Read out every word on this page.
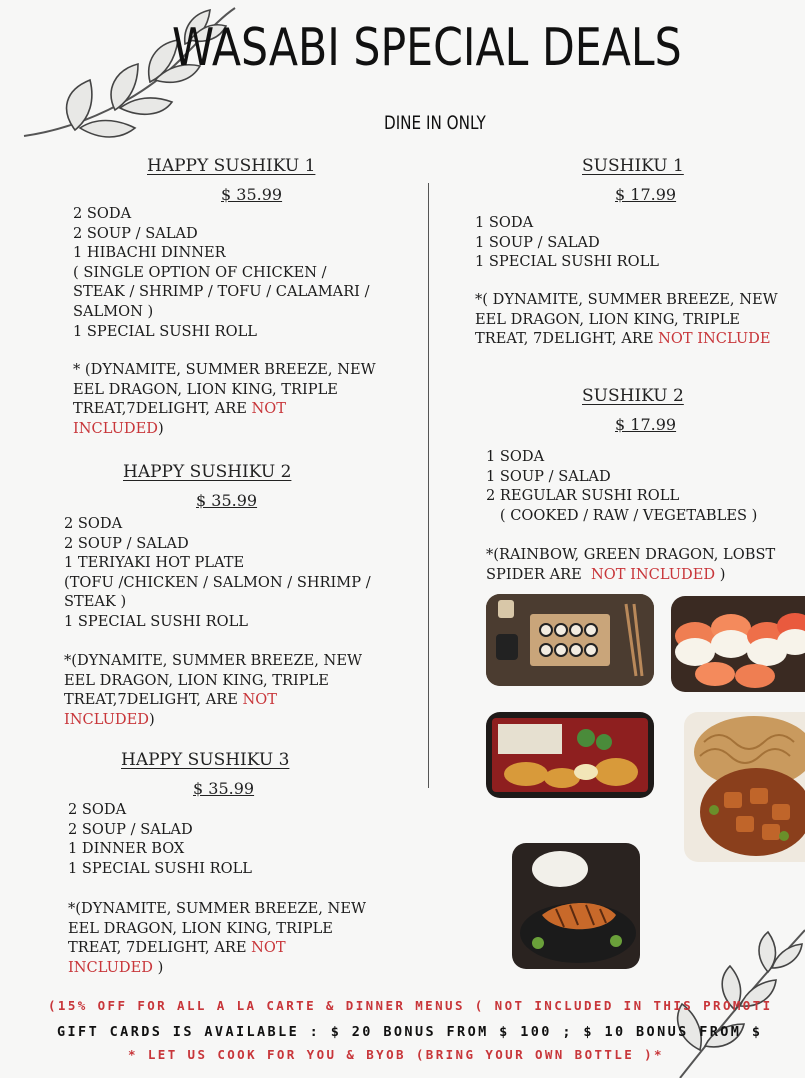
WASABI SPECIAL DEALS
DINE IN ONLY
HAPPY SUSHIKU 1
$ 35.99
2 SODA
2 SOUP / SALAD
1 HIBACHI DINNER
( SINGLE OPTION OF CHICKEN /
STEAK / SHRIMP / TOFU / CALAMARI /
SALMON )
1 SPECIAL SUSHI ROLL
* (DYNAMITE, SUMMER BREEZE, NEW
EEL DRAGON, LION KING, TRIPLE
TREAT,7DELIGHT, ARE NOT
INCLUDED)
HAPPY SUSHIKU 2
$ 35.99
2 SODA
2 SOUP / SALAD
1 TERIYAKI HOT PLATE
(TOFU /CHICKEN / SALMON / SHRIMP /
STEAK )
1 SPECIAL SUSHI ROLL
*(DYNAMITE, SUMMER BREEZE, NEW
EEL DRAGON, LION KING, TRIPLE
TREAT,7DELIGHT, ARE NOT
INCLUDED)
HAPPY SUSHIKU 3
$ 35.99
2 SODA
2 SOUP / SALAD
1 DINNER BOX
1 SPECIAL SUSHI ROLL
*(DYNAMITE, SUMMER BREEZE, NEW
EEL DRAGON, LION KING, TRIPLE
TREAT, 7DELIGHT, ARE NOT
INCLUDED )
SUSHIKU 1
$ 17.99
1 SODA
1 SOUP / SALAD
1 SPECIAL SUSHI ROLL
*( DYNAMITE, SUMMER BREEZE, NEW
EEL DRAGON, LION KING, TRIPLE
TREAT, 7DELIGHT, ARE NOT INCLUDE
SUSHIKU 2
$ 17.99
1 SODA
1 SOUP / SALAD
2 REGULAR SUSHI ROLL
( COOKED / RAW / VEGETABLES )
*(RAINBOW, GREEN DRAGON, LOBST
SPIDER ARE  NOT INCLUDED )
(15% OFF FOR ALL A LA CARTE & DINNER MENUS ( NOT INCLUDED IN THIS PROMOTI
GIFT CARDS IS AVAILABLE : $ 20 BONUS FROM $ 100 ; $ 10 BONUS FROM $
* LET US COOK FOR YOU & BYOB (BRING YOUR OWN BOTTLE )*
